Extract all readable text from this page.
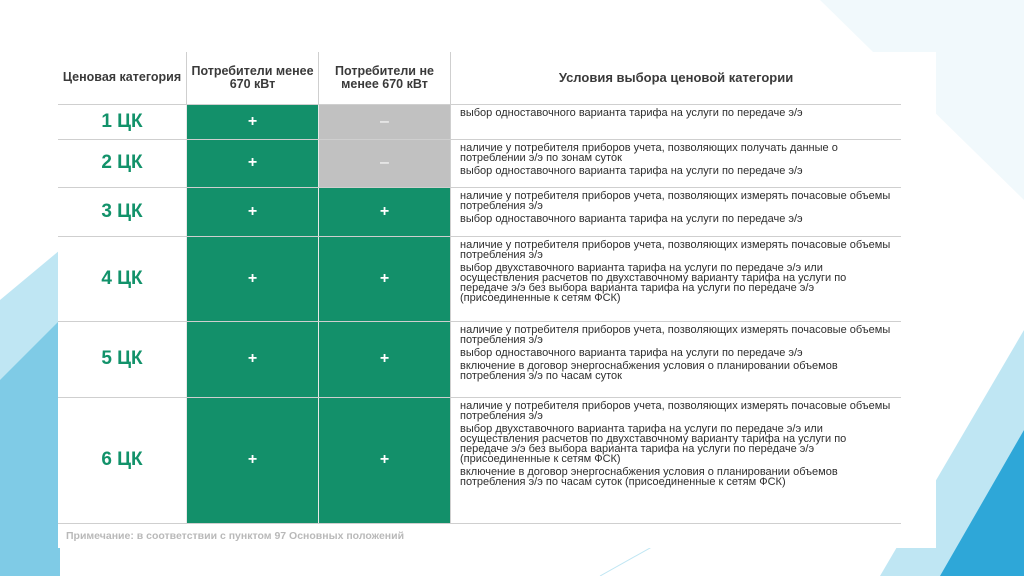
Ценовая категория	Потребители менее 670 кВт	Потребители не менее 670 кВт	Условия выбора ценовой категории
1 ЦК	+	–	выбор одноставочного варианта тарифа на услуги по передаче э/э

2 ЦК	+	–	наличие у потребителя приборов учета, позволяющих получать данные о потреблении э/э по зонам суток
выбор одноставочного варианта тарифа на услуги по передаче э/э

3 ЦК	+	+	наличие у потребителя приборов учета, позволяющих измерять почасовые объемы потребления э/э
выбор одноставочного варианта тарифа на услуги по передаче э/э

4 ЦК	+	+	наличие у потребителя приборов учета, позволяющих измерять почасовые объемы потребления э/э
выбор двухставочного варианта тарифа на услуги по передаче э/э или осуществления расчетов по двухставочному варианту тарифа на услуги по передаче э/э без выбора варианта тарифа на услуги по передаче э/э (присоединенные к сетям ФСК)

5 ЦК	+	+	наличие у потребителя приборов учета, позволяющих измерять почасовые объемы потребления э/э
выбор одноставочного варианта тарифа на услуги по передаче э/э
включение в договор энергоснабжения условия о планировании объемов потребления э/э по часам суток

6 ЦК	+	+	наличие у потребителя приборов учета, позволяющих измерять почасовые объемы потребления э/э
выбор двухставочного варианта тарифа на услуги по передаче э/э или осуществления расчетов по двухставочному варианту тарифа на услуги по передаче э/э без выбора варианта тарифа на услуги по передаче э/э (присоединенные к сетям ФСК)
включение в договор энергоснабжения условия о планировании объемов потребления э/э по часам суток (присоединенные к сетям ФСК)
Примечание: в соответствии с пунктом 97 Основных положений
